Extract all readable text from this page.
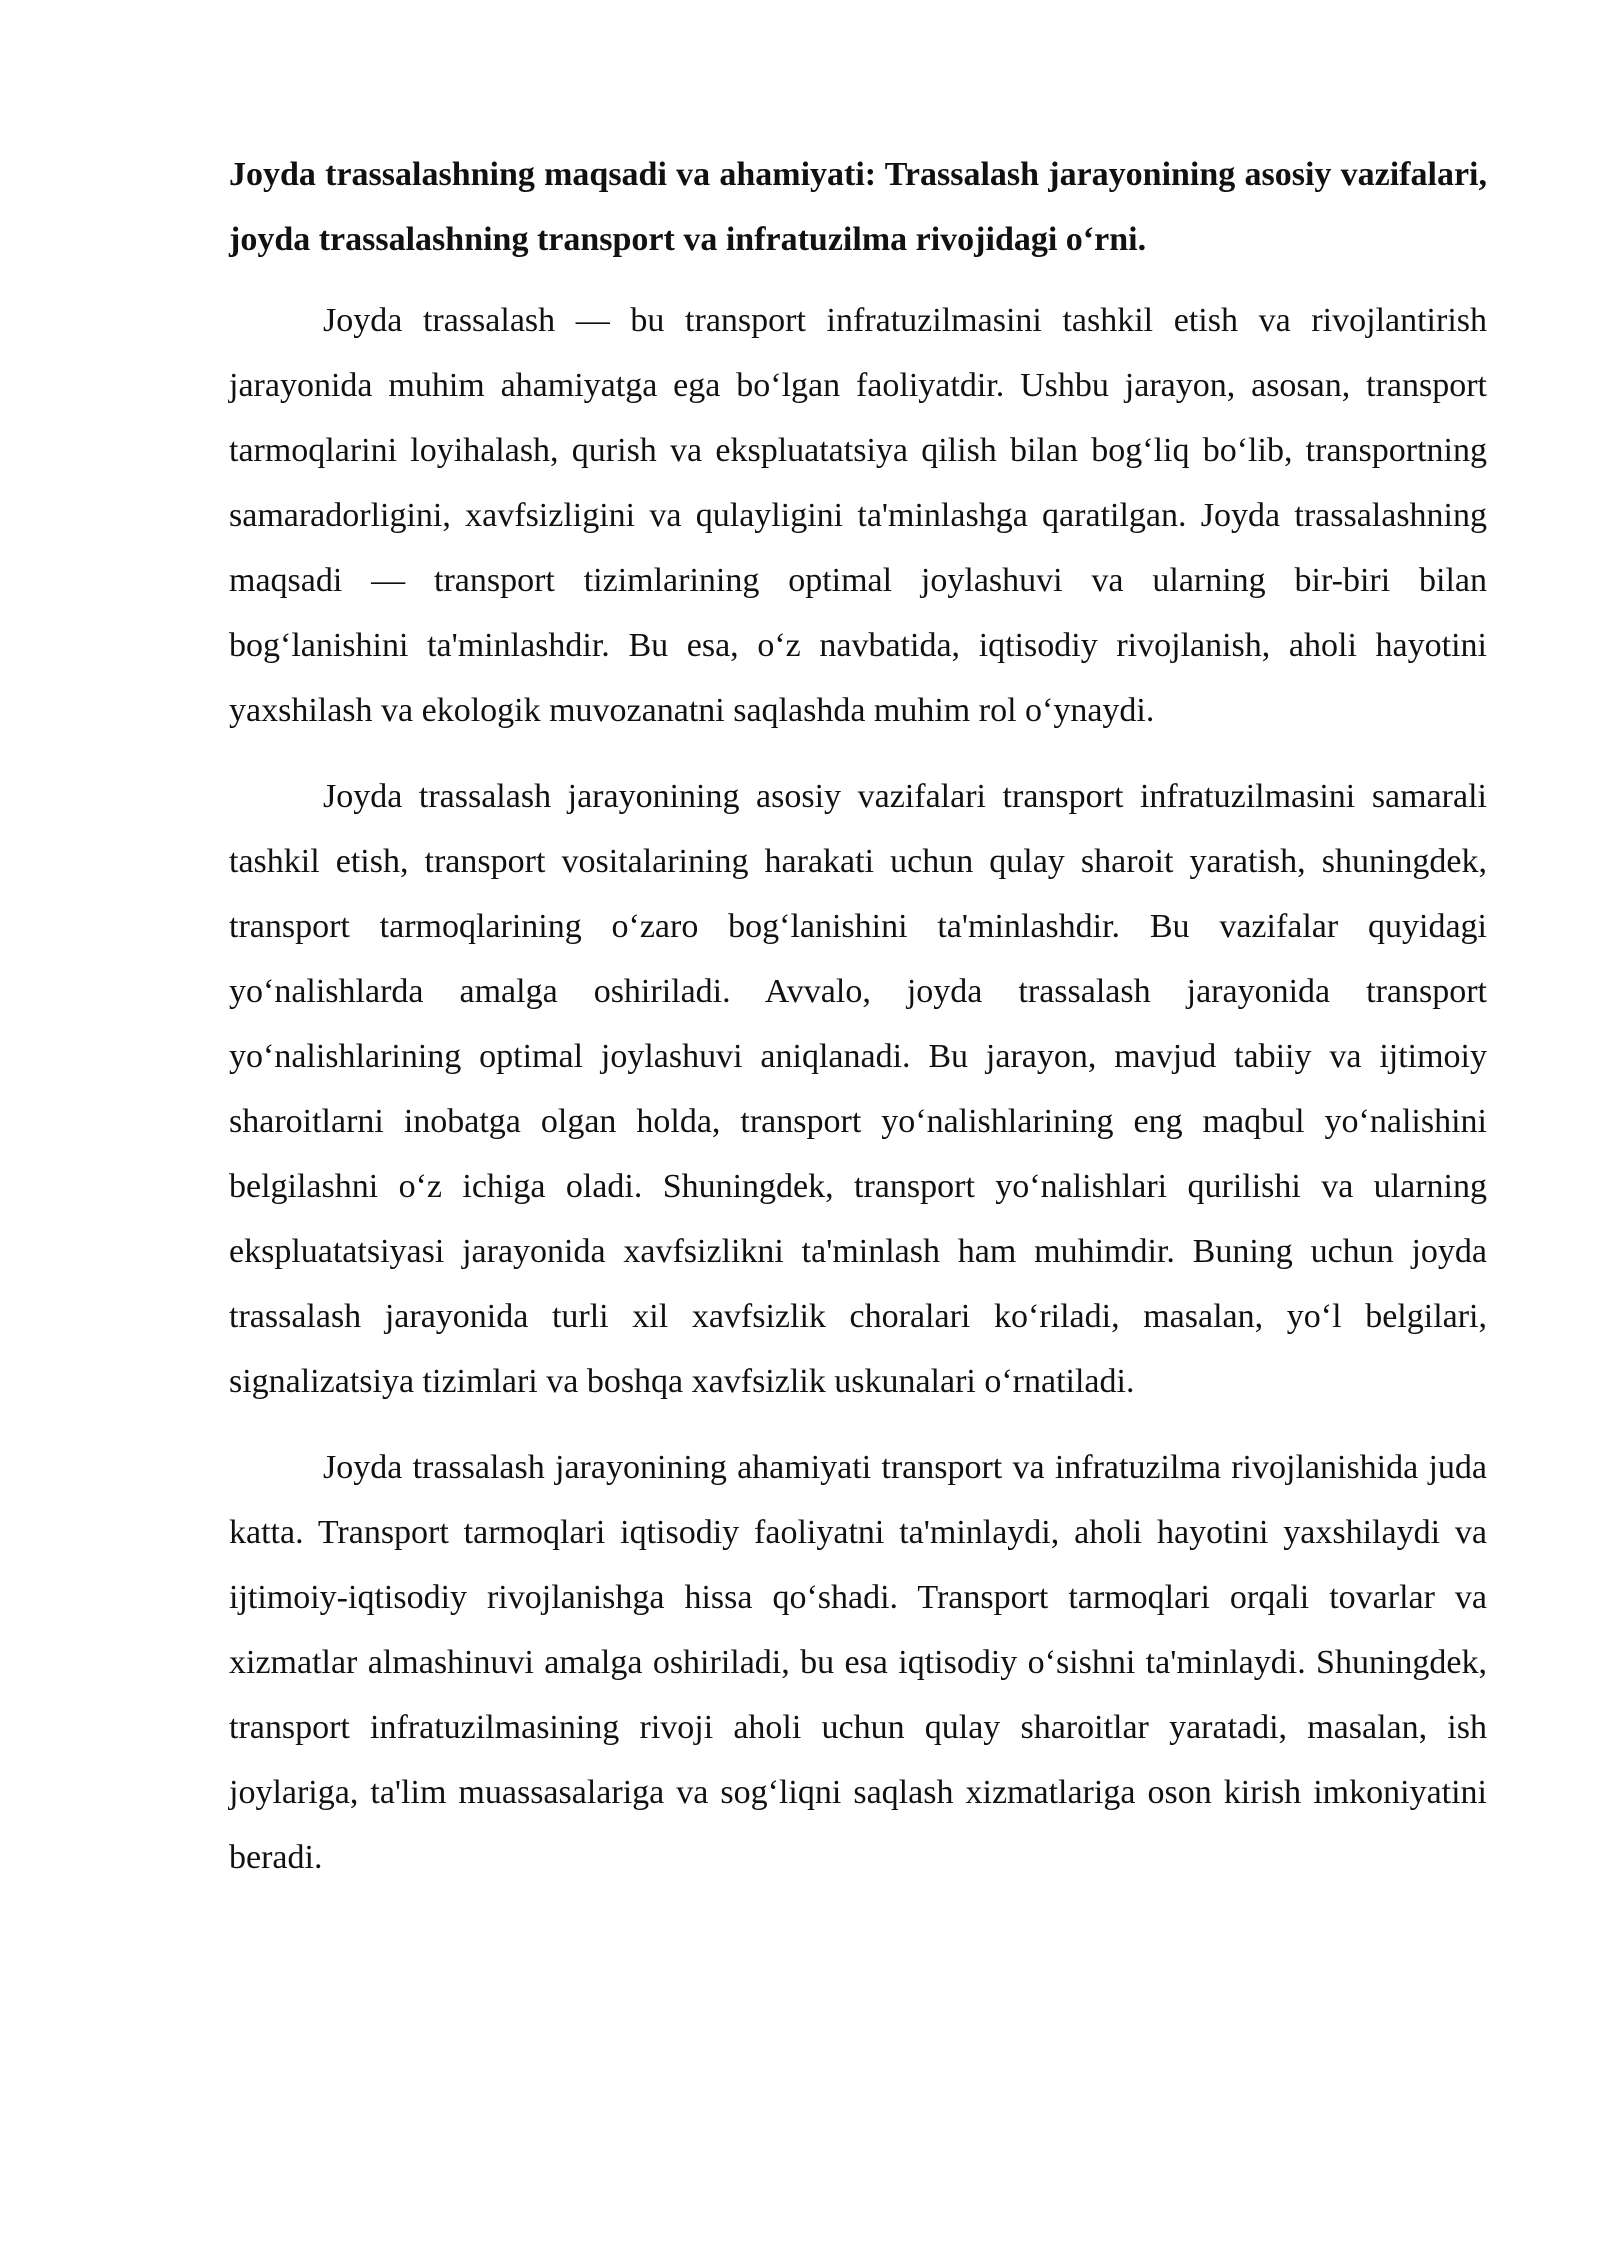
Joyda trassalashning maqsadi va ahamiyati: Trassalash jarayonining asosiy vazifalari, joyda trassalashning transport va infratuzilma rivojidagi o‘rni.

Joyda trassalash — bu transport infratuzilmasini tashkil etish va rivojlantirish jarayonida muhim ahamiyatga ega bo‘lgan faoliyatdir. Ushbu jarayon, asosan, transport tarmoqlarini loyihalash, qurish va ekspluatatsiya qilish bilan bog‘liq bo‘lib, transportning samaradorligini, xavfsizligini va qulayligini ta'minlashga qaratilgan. Joyda trassalashning maqsadi — transport tizimlarining optimal joylashuvi va ularning bir-biri bilan bog‘lanishini ta'minlashdir. Bu esa, o‘z navbatida, iqtisodiy rivojlanish, aholi hayotini yaxshilash va ekologik muvozanatni saqlashda muhim rol o‘ynaydi.

Joyda trassalash jarayonining asosiy vazifalari transport infratuzilmasini samarali tashkil etish, transport vositalarining harakati uchun qulay sharoit yaratish, shuningdek, transport tarmoqlarining o‘zaro bog‘lanishini ta'minlashdir. Bu vazifalar quyidagi yo‘nalishlarda amalga oshiriladi. Avvalo, joyda trassalash jarayonida transport yo‘nalishlarining optimal joylashuvi aniqlanadi. Bu jarayon, mavjud tabiiy va ijtimoiy sharoitlarni inobatga olgan holda, transport yo‘nalishlarining eng maqbul yo‘nalishini belgilashni o‘z ichiga oladi. Shuningdek, transport yo‘nalishlari qurilishi va ularning ekspluatatsiyasi jarayonida xavfsizlikni ta'minlash ham muhimdir. Buning uchun joyda trassalash jarayonida turli xil xavfsizlik choralari ko‘riladi, masalan, yo‘l belgilari, signalizatsiya tizimlari va boshqa xavfsizlik uskunalari o‘rnatiladi.

Joyda trassalash jarayonining ahamiyati transport va infratuzilma rivojlanishida juda katta. Transport tarmoqlari iqtisodiy faoliyatni ta'minlaydi, aholi hayotini yaxshilaydi va ijtimoiy-iqtisodiy rivojlanishga hissa qo‘shadi. Transport tarmoqlari orqali tovarlar va xizmatlar almashinuvi amalga oshiriladi, bu esa iqtisodiy o‘sishni ta'minlaydi. Shuningdek, transport infratuzilmasining rivoji aholi uchun qulay sharoitlar yaratadi, masalan, ish joylariga, ta'lim muassasalariga va sog‘liqni saqlash xizmatlariga oson kirish imkoniyatini beradi.
